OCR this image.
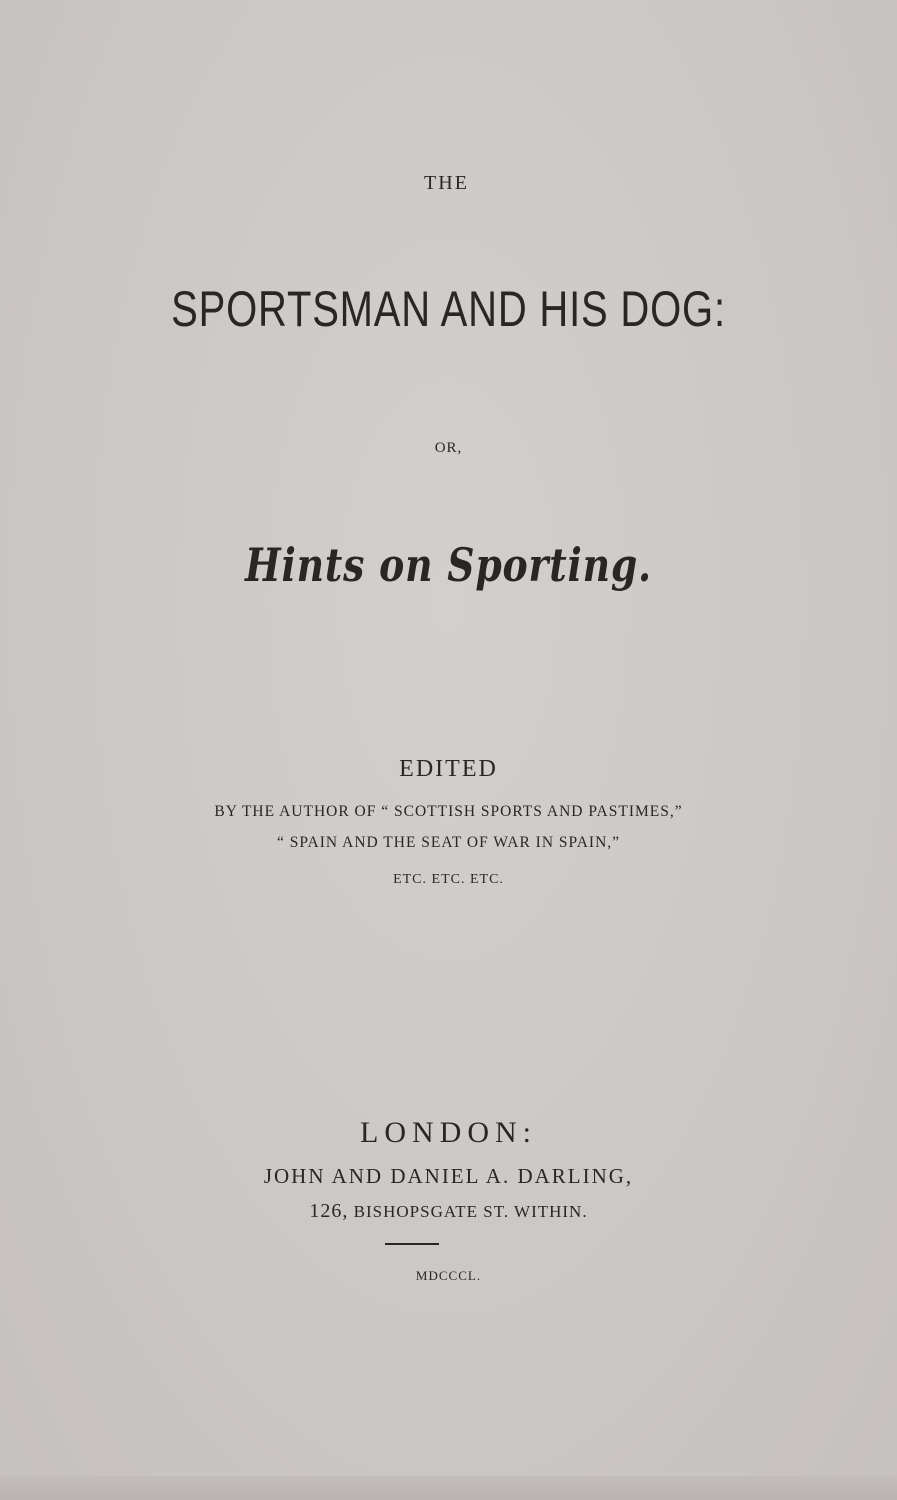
THE
SPORTSMAN AND HIS DOG:
OR,
Hints on Sporting.
EDITED
BY THE AUTHOR OF “ SCOTTISH SPORTS AND PASTIMES,”
“ SPAIN AND THE SEAT OF WAR IN SPAIN,”
ETC. ETC. ETC.
LONDON:
JOHN AND DANIEL A. DARLING,
126, BISHOPSGATE ST. WITHIN.
MDCCCL.
